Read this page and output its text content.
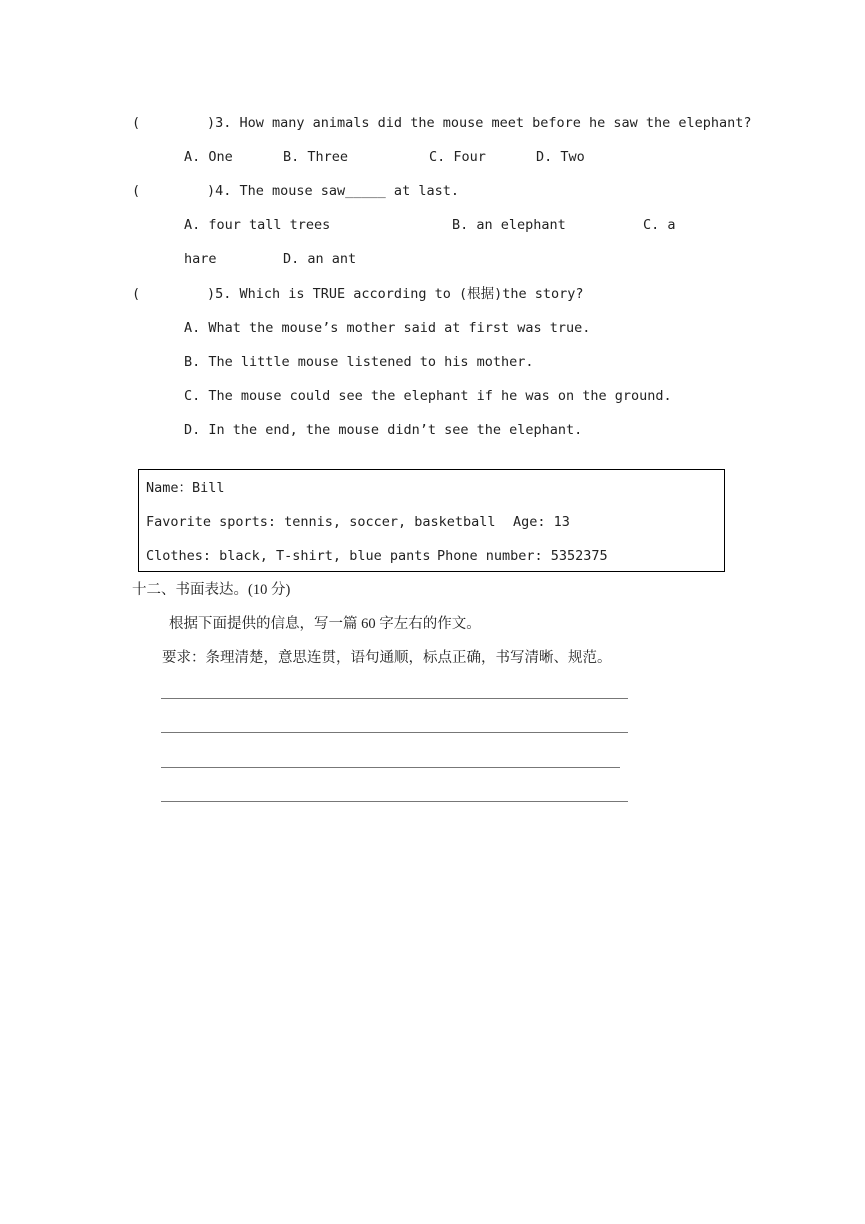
(	)3. How many animals did the mouse meet before he saw the elephant?
A. One	B. Three	C. Four	D. Two
(	)4. The mouse saw_____ at last.
A. four tall trees	B. an elephant	C. a
hare	D. an ant
(	)5. Which is TRUE according to (根据)the story?
A. What the mouse’s mother said at first was true.
B. The little mouse listened to his mother.
C. The mouse could see the elephant if he was on the ground.
D. In the end, the mouse didn’t see the elephant.
Name：Bill
Favorite sports: tennis, soccer, basketball Age: 13
Clothes: black, T-shirt, blue pants Phone number: 5352375
十二、书面表达。(10 分)
根据下面提供的信息，写一篇 60 字左右的作文。
要求：条理清楚，意思连贯，语句通顺，标点正确，书写清晰、规范。
